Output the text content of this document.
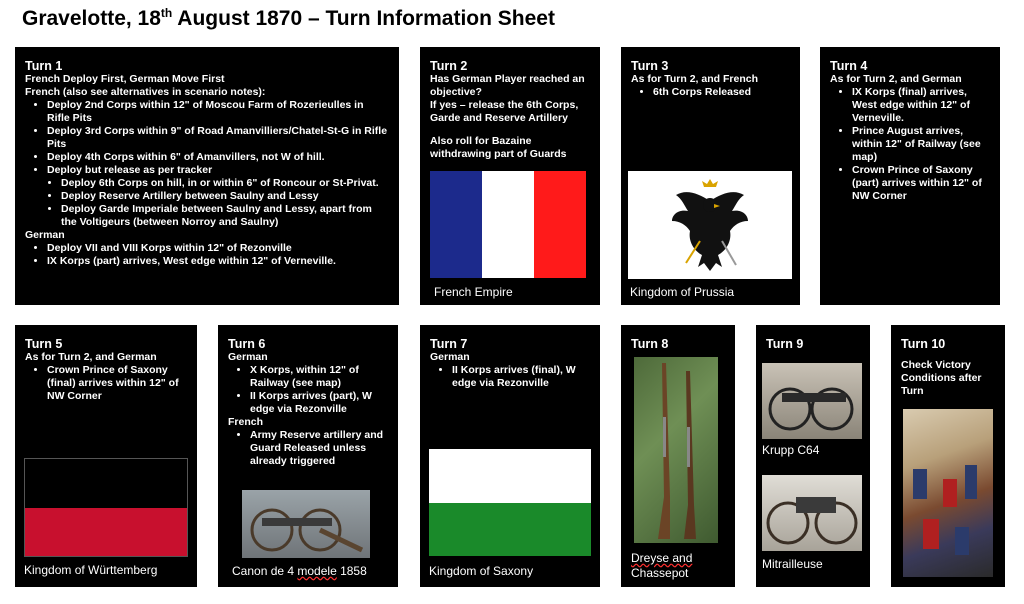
Gravelotte, 18th August 1870 – Turn Information Sheet
Turn 1

French Deploy First, German Move First

French (also see alternatives in scenario notes):

• Deploy 2nd Corps within 12" of Moscou Farm of Rozerieulles in Rifle Pits
• Deploy 3rd Corps within 9" of Road Amanvilliers/Chatel-St-G in Rifle Pits
• Deploy 4th Corps within 6" of Amanvillers, not W of hill.
• Deploy but release as per tracker
• Deploy 6th Corps on hill, in or within 6" of Roncour or St-Privat.
• Deploy Reserve Artillery between Saulny and Lessy
• Deploy Garde Imperiale between Saulny and Lessy, apart from the Voltigeurs (between Norroy and Saulny)

German

• Deploy VII and VIII Korps within 12" of Rezonville
• IX Korps (part) arrives, West edge within 12" of Verneville.
Turn 2

Has German Player reached an objective?

If yes – release the 6th Corps, Garde and Reserve Artillery

Also roll for Bazaine withdrawing part of Guards

French Empire
Turn 3

As for Turn 2, and French

• 6th Corps Released
Kingdom of Prussia
Turn 4

As for Turn 2, and German

• IX Korps (final) arrives, West edge within 12" of Verneville.
• Prince August arrives, within 12" of Railway (see map)
• Crown Prince of Saxony (part) arrives within 12" of NW Corner
Turn 5

As for Turn 2, and German

• Crown Prince of Saxony (final) arrives within 12" of NW Corner
Kingdom of Württemberg
Turn 6

German

• X Korps, within 12" of Railway (see map)
• II Korps arrives (part), W edge via Rezonville

French

• Army Reserve artillery and Guard Released unless already triggered
Canon de 4 modele 1858
Turn 7

German

• II Korps arrives (final), W edge via Rezonville
Kingdom of Saxony
Turn 8
Dreyse and
Chassepot
Turn 9
Krupp C64
Mitrailleuse
Turn 10

Check Victory Conditions after Turn
